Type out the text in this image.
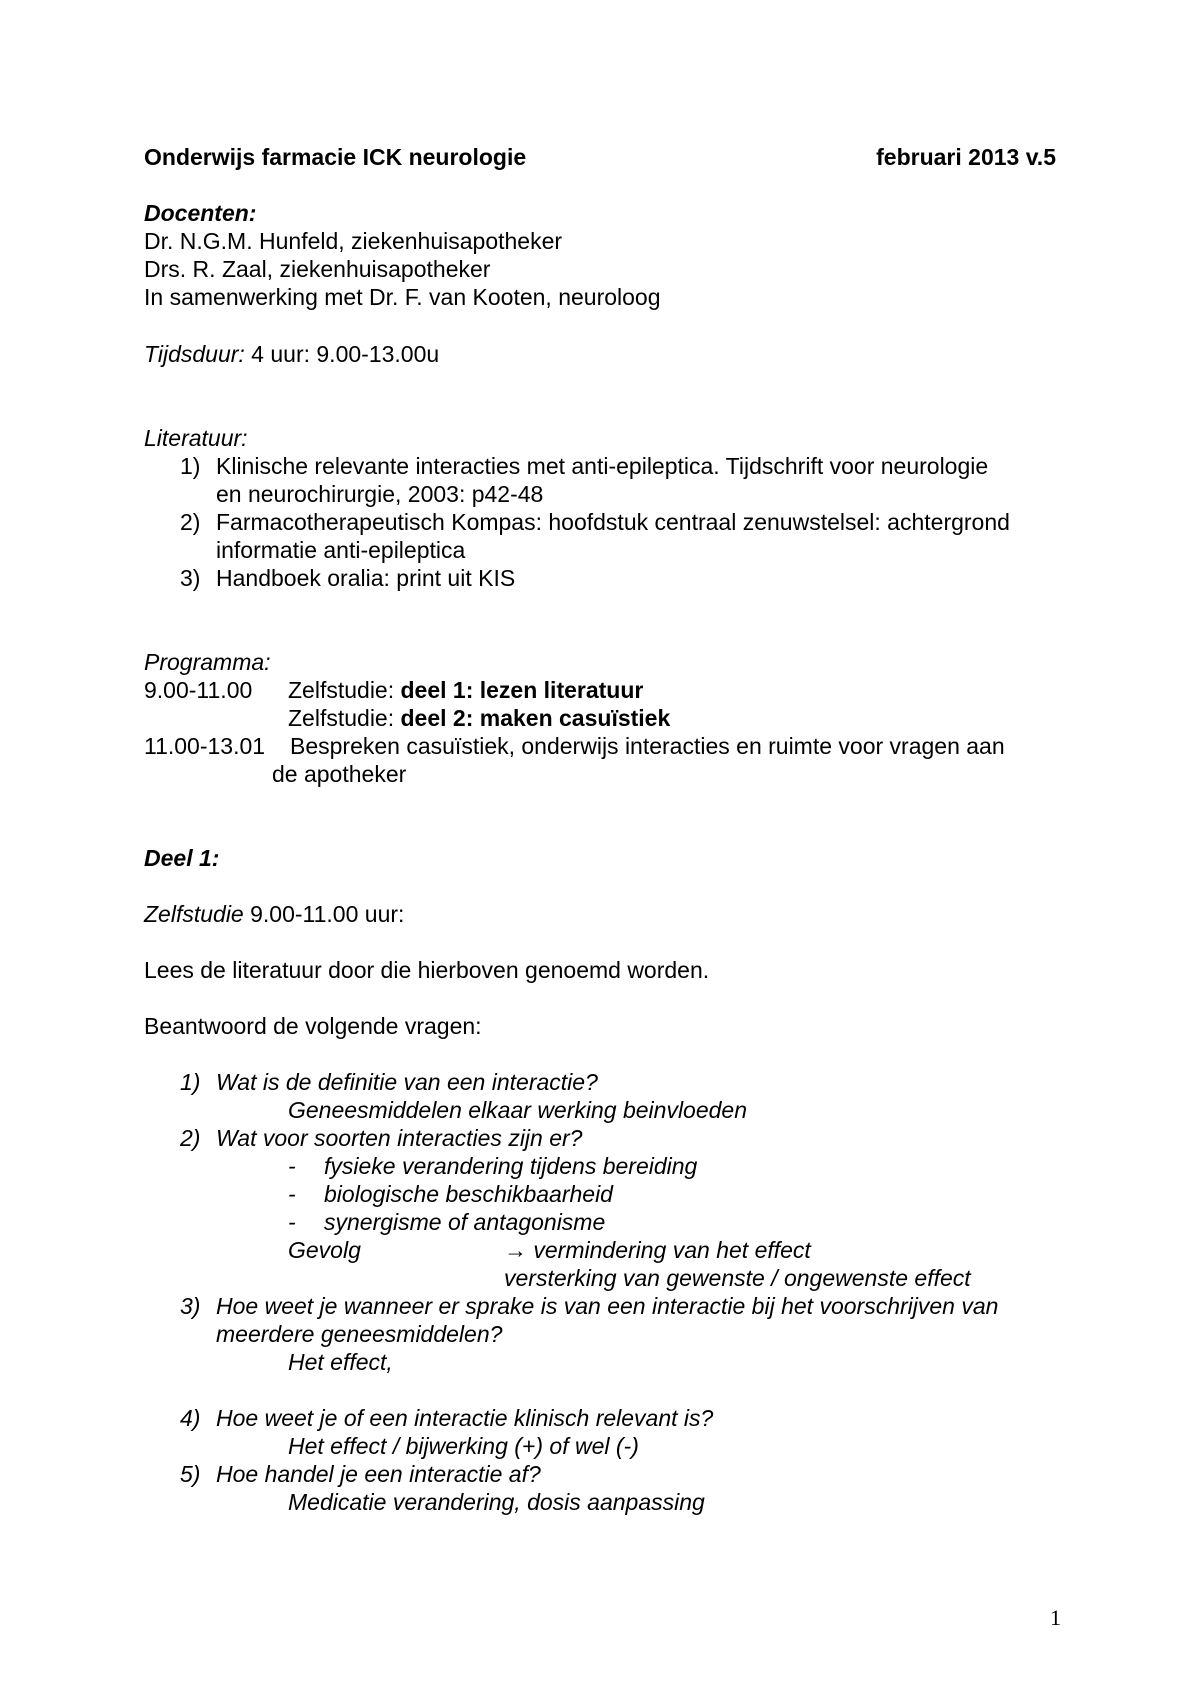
Onderwijs farmacie ICK neurologie	februari 2013 v.5
Docenten:
Dr. N.G.M. Hunfeld, ziekenhuisapotheker
Drs. R. Zaal, ziekenhuisapotheker
In samenwerking met Dr. F. van Kooten, neuroloog
Tijdsduur: 4 uur: 9.00-13.00u
Literatuur:
1) Klinische relevante interacties met anti-epileptica. Tijdschrift voor neurologie
en neurochirurgie, 2003: p42-48
2) Farmacotherapeutisch Kompas: hoofdstuk centraal zenuwstelsel: achtergrond
informatie anti-epileptica
3) Handboek oralia: print uit KIS
Programma:
9.00-11.00 Zelfstudie: deel 1: lezen literatuur
Zelfstudie: deel 2: maken casuïstiek
11.00-13.01 Bespreken casuïstiek, onderwijs interacties en ruimte voor vragen aan
de apotheker
Deel 1:
Zelfstudie 9.00-11.00 uur:
Lees de literatuur door die hierboven genoemd worden.
Beantwoord de volgende vragen:
1) Wat is de definitie van een interactie?
Geneesmiddelen elkaar werking beinvloeden
2) Wat voor soorten interacties zijn er?
- fysieke verandering tijdens bereiding
- biologische beschikbaarheid
- synergisme of antagonisme
Gevolg	→ vermindering van het effect
versterking van gewenste / ongewenste effect
3) Hoe weet je wanneer er sprake is van een interactie bij het voorschrijven van
meerdere geneesmiddelen?
Het effect,
4) Hoe weet je of een interactie klinisch relevant is?
Het effect / bijwerking (+) of wel (-)
5) Hoe handel je een interactie af?
Medicatie verandering, dosis aanpassing
1
